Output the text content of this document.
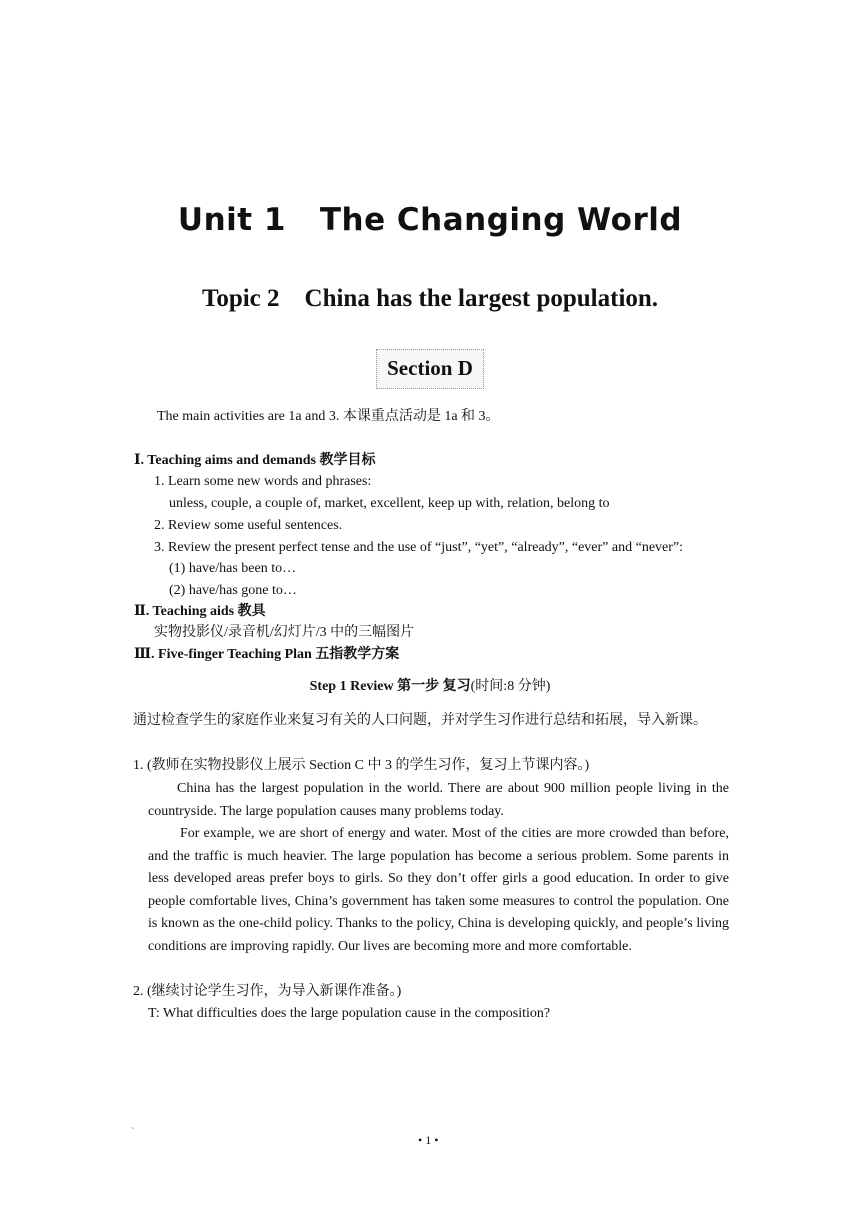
Unit 1   The Changing World
Topic 2    China has the largest population.
Section D
The main activities are 1a and 3. 本课重点活动是 1a 和 3。
Ⅰ. Teaching aims and demands 教学目标
1. Learn some new words and phrases:
unless, couple, a couple of, market, excellent, keep up with, relation, belong to
2. Review some useful sentences.
3. Review the present perfect tense and the use of “just”, “yet”, “already”, “ever” and “never”:
(1) have/has been to…
(2) have/has gone to…
Ⅱ. Teaching aids 教具
实物投影仪/录音机/幻灯片/3 中的三幅图片
Ⅲ. Five-finger Teaching Plan 五指教学方案
Step 1 Review 第一步 复习(时间:8 分钟)
通过检查学生的家庭作业来复习有关的人口问题，并对学生习作进行总结和拓展，导入新课。
1. (教师在实物投影仪上展示 Section C 中 3 的学生习作，复习上节课内容。)
China has the largest population in the world. There are about 900 million people living in the countryside. The large population causes many problems today.
For example, we are short of energy and water. Most of the cities are more crowded than before, and the traffic is much heavier. The large population has become a serious problem. Some parents in less developed areas prefer boys to girls. So they don’t offer girls a good education. In order to give people comfortable lives, China’s government has taken some measures to control the population. One is known as the one-child policy. Thanks to the policy, China is developing quickly, and people’s living conditions are improving rapidly. Our lives are becoming more and more comfortable.
2. (继续讨论学生习作，为导入新课作准备。)
T: What difficulties does the large population cause in the composition?
`
• 1 •
